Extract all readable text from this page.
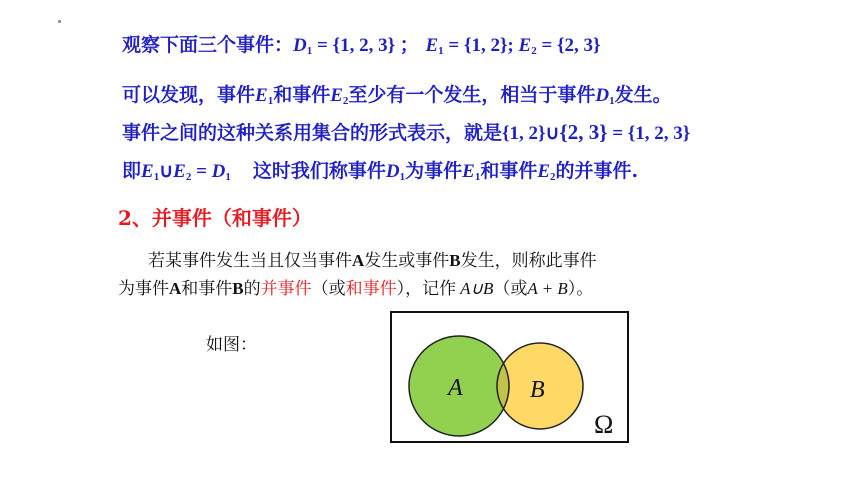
观察下面三个事件：$D_1 = \{1$, 2, 3} ； $E_1 = \{1$, 2}; $E_2 = \{2$, 3}
可以发现，事件$E_1$和事件$E_2$至少有一个发生，相当于事件$D_1$发生。
事件之间的这种关系用集合的形式表示，就是{1, 2}∪{2, 3} = {1, 2, 3}
即$E_1\cup E_2 = D_1$ 这时我们称事件$D_1$为事件$E_1$和事件$E_2$的并事件.
2、并事件（和事件）
若某事件发生当且仅当事件A发生或事件B发生，则称此事件
为事件A和事件B的并事件（或和事件），记作 A∪B（或A + B）。
如图：
A	B
Ω
